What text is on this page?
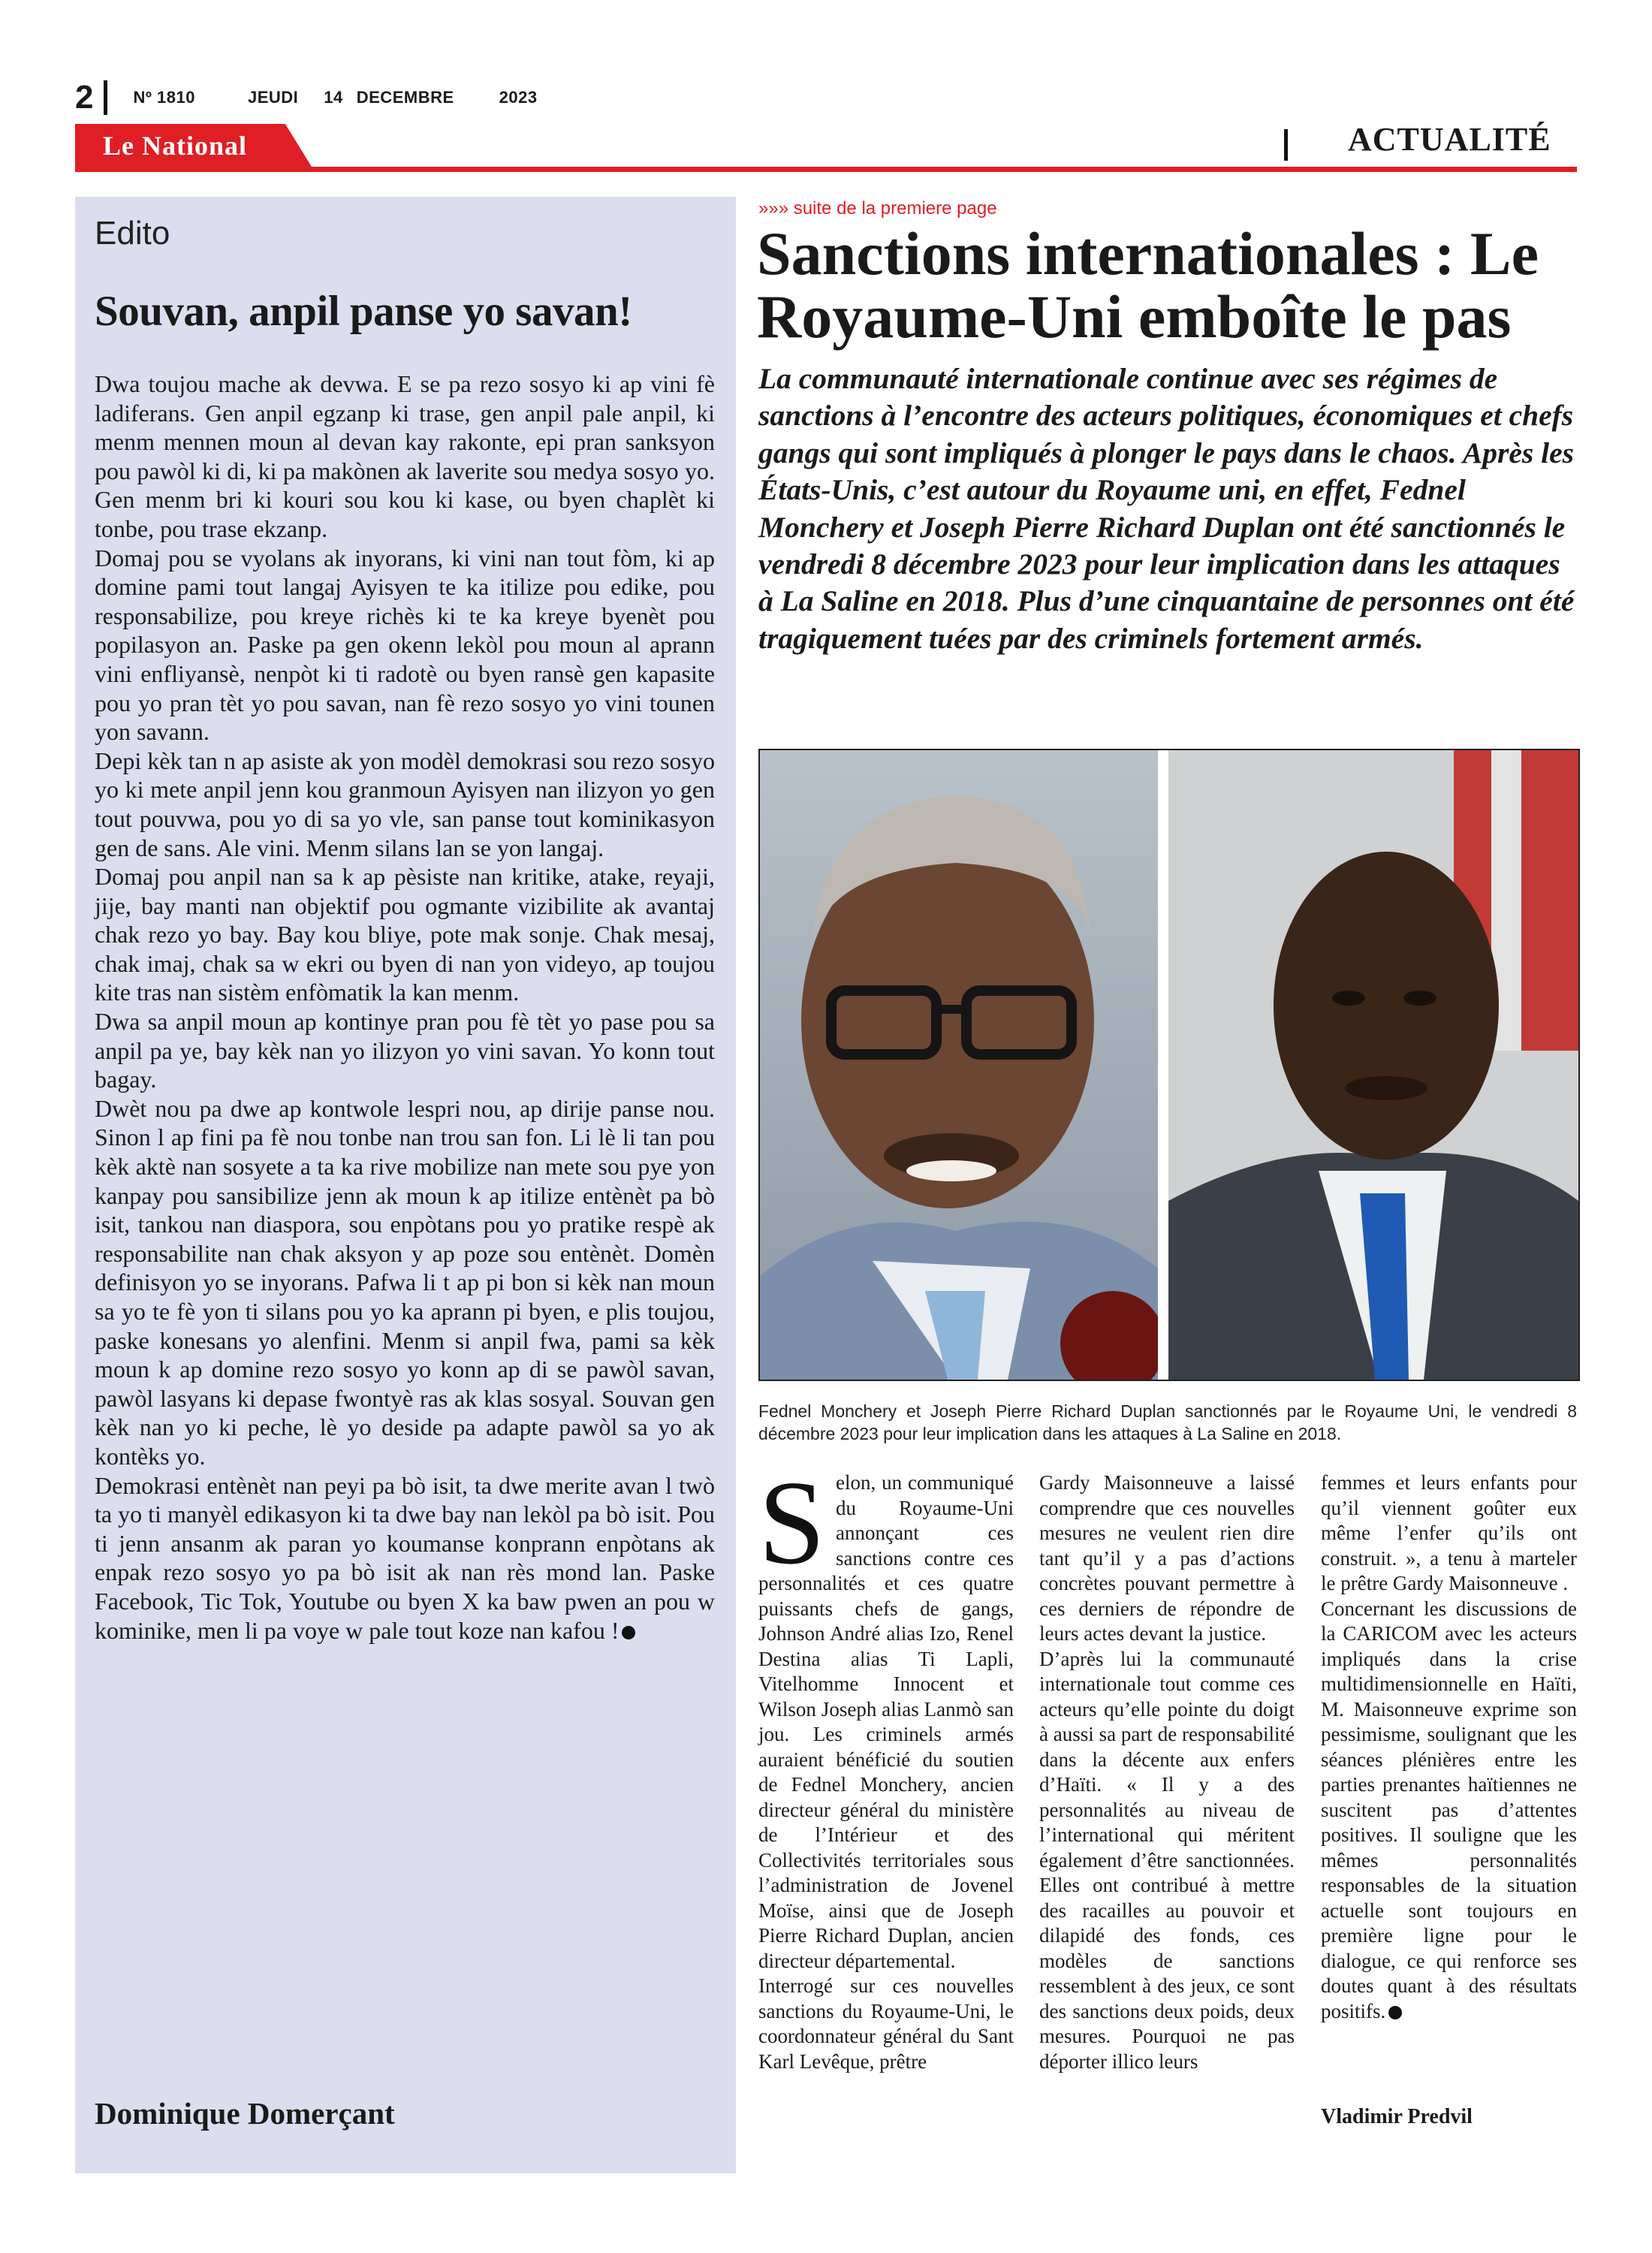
2 Nº 1810	JEUDI 14 DECEMBRE	2023
Le National	ACTUALITÉ
Edito
Souvan, anpil panse yo savan!

Dwa toujou mache ak devwa. E se pa rezo sosyo ki ap vini fè ladiferans. Gen anpil egzanp ki trase, gen anpil pale anpil, ki menm mennen moun al devan kay rakonte, epi pran sanksyon pou pawòl ki di, ki pa makònen ak laverite sou medya sosyo yo. Gen menm bri ki kouri sou kou ki kase, ou byen chaplèt ki tonbe, pou trase ekzanp.

Domaj pou se vyolans ak inyorans, ki vini nan tout fòm, ki ap domine pami tout langaj Ayisyen te ka itilize pou edike, pou responsabilize, pou kreye richès ki te ka kreye byenèt pou popilasyon an. Paske pa gen okenn lekòl pou moun al aprann vini enfliyansè, nenpòt ki ti radotè ou byen ransè gen kapasite pou yo pran tèt yo pou savan, nan fè rezo sosyo yo vini tounen yon savann.

Depi kèk tan n ap asiste ak yon modèl demokrasi sou rezo sosyo yo ki mete anpil jenn kou granmoun Ayisyen nan ilizyon yo gen tout pouvwa, pou yo di sa yo vle, san panse tout kominikasyon gen de sans. Ale vini. Menm silans lan se yon langaj.

Domaj pou anpil nan sa k ap pèsiste nan kritike, atake, reyaji, jije, bay manti nan objektif pou ogmante vizibilite ak avantaj chak rezo yo bay. Bay kou bliye, pote mak sonje. Chak mesaj, chak imaj, chak sa w ekri ou byen di nan yon videyo, ap toujou kite tras nan sistèm enfòmatik la kan menm.

Dwa sa anpil moun ap kontinye pran pou fè tèt yo pase pou sa anpil pa ye, bay kèk nan yo ilizyon yo vini savan. Yo konn tout bagay.

Dwèt nou pa dwe ap kontwole lespri nou, ap dirije panse nou. Sinon l ap fini pa fè nou tonbe nan trou san fon. Li lè li tan pou kèk aktè nan sosyete a ta ka rive mobilize nan mete sou pye yon kanpay pou sansibilize jenn ak moun k ap itilize entènèt pa bò isit, tankou nan diaspora, sou enpòtans pou yo pratike respè ak responsabilite nan chak aksyon y ap poze sou entènèt. Domèn definisyon yo se inyorans. Pafwa li t ap pi bon si kèk nan moun sa yo te fè yon ti silans pou yo ka aprann pi byen, e plis toujou, paske konesans yo alenfini. Menm si anpil fwa, pami sa kèk moun k ap domine rezo sosyo yo konn ap di se pawòl savan, pawòl lasyans ki depase fwontyè ras ak klas sosyal. Souvan gen kèk nan yo ki peche, lè yo deside pa adapte pawòl sa yo ak kontèks yo.

Demokrasi entènèt nan peyi pa bò isit, ta dwe merite avan l twò ta yo ti manyèl edikasyon ki ta dwe bay nan lekòl pa bò isit. Pou ti jenn ansanm ak paran yo koumanse konprann enpòtans ak enpak rezo sosyo yo pa bò isit ak nan rès mond lan. Paske Facebook, Tic Tok, Youtube ou byen X ka baw pwen an pou w kominike, men li pa voye w pale tout koze nan kafou !

Dominique Domerçant
»»» suite de la premiere page
Sanctions internationales : Le Royaume-Uni emboîte le pas
La communauté internationale continue avec ses régimes de sanctions à l’encontre des acteurs politiques, économiques et chefs gangs qui sont impliqués à plonger le pays dans le chaos. Après les États-Unis, c’est autour du Royaume uni, en effet, Fednel Monchery et Joseph Pierre Richard Duplan ont été sanctionnés le vendredi 8 décembre 2023 pour leur implication dans les attaques à La Saline en 2018. Plus d’une cinquantaine de personnes ont été tragiquement tuées par des criminels fortement armés.
Fednel Monchery et Joseph Pierre Richard Duplan sanctionnés par le Royaume Uni, le vendredi 8 décembre 2023 pour leur implication dans les attaques à La Saline en 2018.
S elon, un communiqué du Royaume-Uni annonçant ces sanctions contre ces personnalités et ces quatre puissants chefs de gangs, Johnson André alias Izo, Renel Destina alias Ti Lapli, Vitelhomme Innocent et Wilson Joseph alias Lanmò san jou. Les criminels armés auraient bénéficié du soutien de Fednel Monchery, ancien directeur général du ministère de l’Intérieur et des Collectivités territoriales sous l’administration de Jovenel Moïse, ainsi que de Joseph Pierre Richard Duplan, ancien directeur départemental.

Interrogé sur ces nouvelles sanctions du Royaume-Uni, le coordonnateur général du Sant Karl Levêque, prêtre

Gardy Maisonneuve a laissé comprendre que ces nouvelles mesures ne veulent rien dire tant qu’il y a pas d’actions concrètes pouvant permettre à ces derniers de répondre de leurs actes devant la justice.

D’après lui la communauté internationale tout comme ces acteurs qu’elle pointe du doigt à aussi sa part de responsabilité dans la décente aux enfers d’Haïti. « Il y a des personnalités au niveau de l’international qui méritent également d’être sanctionnées. Elles ont contribué à mettre des racailles au pouvoir et dilapidé des fonds, ces modèles de sanctions ressemblent à des jeux, ce sont des sanctions deux poids, deux mesures. Pourquoi ne pas déporter illico leurs

femmes et leurs enfants pour qu’il viennent goûter eux même l’enfer qu’ils ont construit. », a tenu à marteler le prêtre Gardy Maisonneuve .

Concernant les discussions de la CARICOM avec les acteurs impliqués dans la crise multidimensionnelle en Haïti, M. Maisonneuve exprime son pessimisme, soulignant que les séances plénières entre les parties prenantes haïtiennes ne suscitent pas d’attentes positives. Il souligne que les mêmes personnalités responsables de la situation actuelle sont toujours en première ligne pour le dialogue, ce qui renforce ses doutes quant à des résultats positifs.

Vladimir Predvil
